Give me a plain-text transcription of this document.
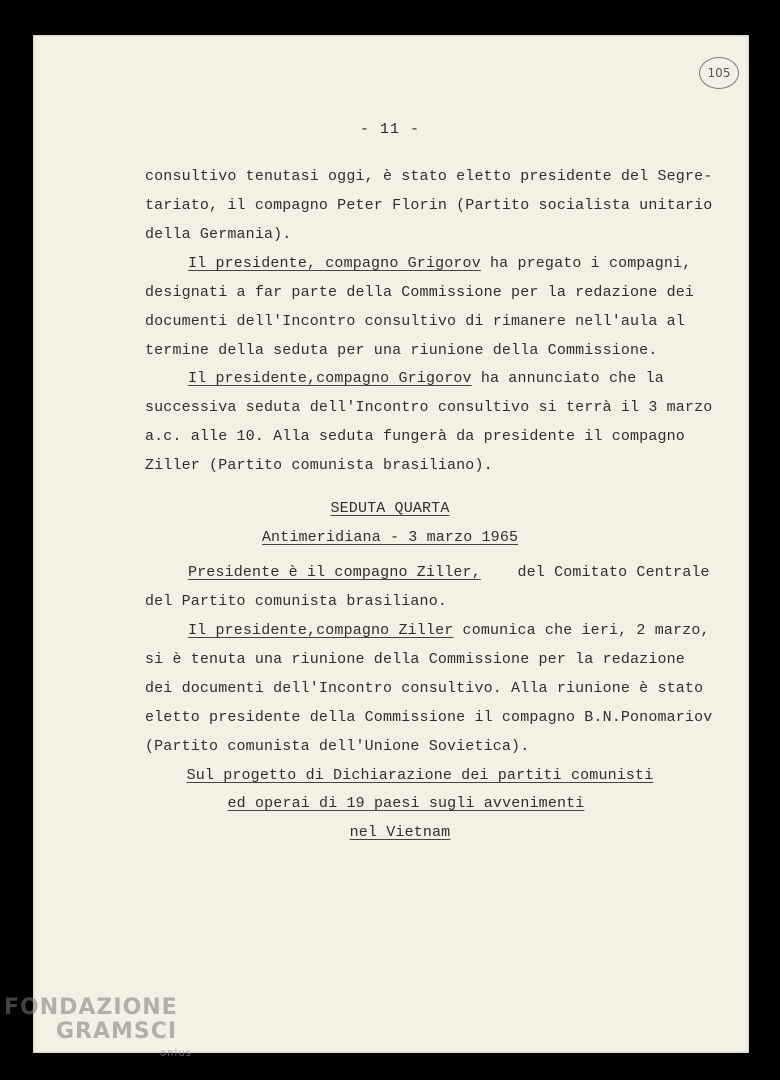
105
- 11 -
consultivo tenutasi oggi, è stato eletto presidente del Segre-
tariato, il compagno Peter Florin (Partito socialista unitario
della Germania).
Il presidente, compagno Grigorov ha pregato i compagni,
designati a far parte della Commissione per la redazione dei
documenti dell'Incontro consultivo di rimanere nell'aula al
termine della seduta per una riunione della Commissione.
Il presidente,compagno Grigorov ha annunciato che la
successiva seduta dell'Incontro consultivo si terrà il 3 marzo
a.c. alle 10. Alla seduta fungerà da presidente il compagno
Ziller (Partito comunista brasiliano).
SEDUTA QUARTA
Antimeridiana - 3 marzo 1965
Presidente è il compagno Ziller,    del Comitato Centrale
del Partito comunista brasiliano.
Il presidente,compagno Ziller comunica che ieri, 2 marzo,
si è tenuta una riunione della Commissione per la redazione
dei documenti dell'Incontro consultivo. Alla riunione è stato
eletto presidente della Commissione il compagno B.N.Ponomariov
(Partito comunista dell'Unione Sovietica).
Sul progetto di Dichiarazione dei partiti comunisti
ed operai di 19 paesi sugli avvenimenti
nel Vietnam
FONDAZIONE
GRAMSCI
onlus
